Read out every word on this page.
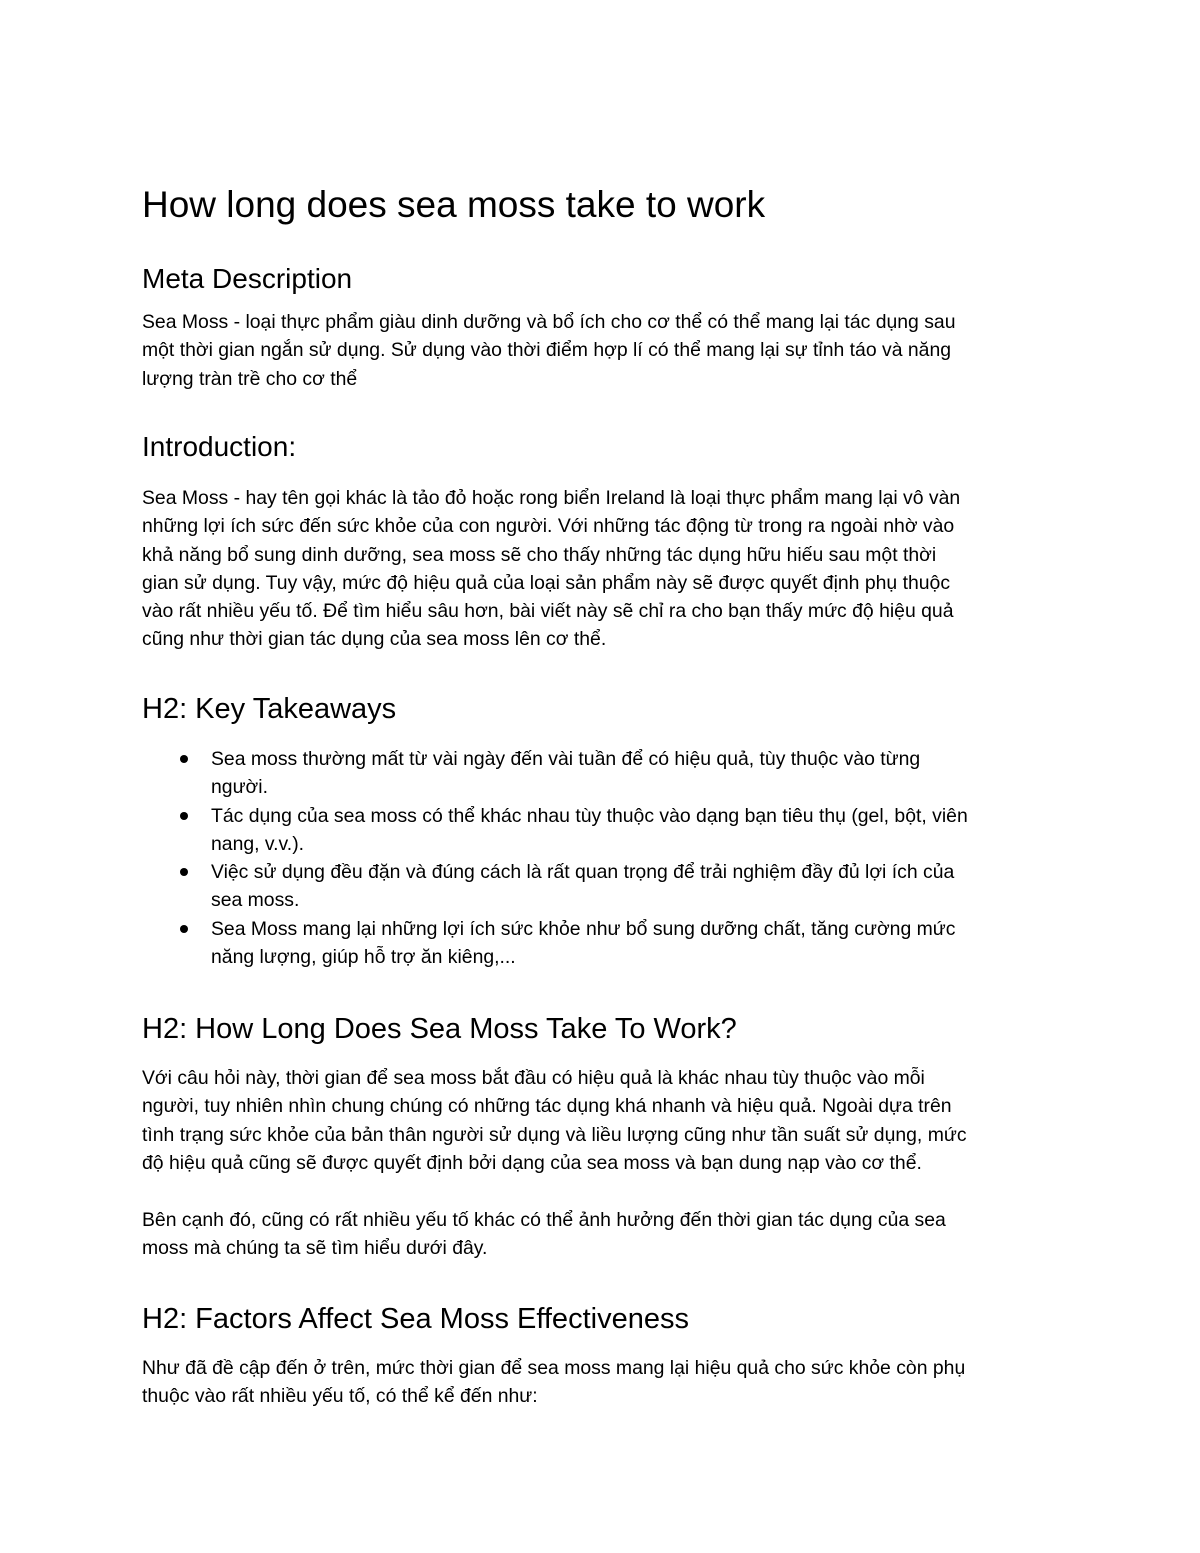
How long does sea moss take to work
Meta Description

Sea Moss - loại thực phẩm giàu dinh dưỡng và bổ ích cho cơ thể có thể mang lại tác dụng sau
một thời gian ngắn sử dụng. Sử dụng vào thời điểm hợp lí có thể mang lại sự tỉnh táo và năng
lượng tràn trề cho cơ thể

Introduction:

Sea Moss - hay tên gọi khác là tảo đỏ hoặc rong biển Ireland là loại thực phẩm mang lại vô vàn
những lợi ích sức đến sức khỏe của con người. Với những tác động từ trong ra ngoài nhờ vào
khả năng bổ sung dinh dưỡng, sea moss sẽ cho thấy những tác dụng hữu hiếu sau một thời
gian sử dụng. Tuy vậy, mức độ hiệu quả của loại sản phẩm này sẽ được quyết định phụ thuộc
vào rất nhiều yếu tố. Để tìm hiểu sâu hơn, bài viết này sẽ chỉ ra cho bạn thấy mức độ hiệu quả
cũng như thời gian tác dụng của sea moss lên cơ thể.

H2: Key Takeaways
Sea moss thường mất từ vài ngày đến vài tuần để có hiệu quả, tùy thuộc vào từng
người.
Tác dụng của sea moss có thể khác nhau tùy thuộc vào dạng bạn tiêu thụ (gel, bột, viên
nang, v.v.).
Việc sử dụng đều đặn và đúng cách là rất quan trọng để trải nghiệm đầy đủ lợi ích của
sea moss.
Sea Moss mang lại những lợi ích sức khỏe như bổ sung dưỡng chất, tăng cường mức
năng lượng, giúp hỗ trợ ăn kiêng,...
H2: How Long Does Sea Moss Take To Work?

Với câu hỏi này, thời gian để sea moss bắt đầu có hiệu quả là khác nhau tùy thuộc vào mỗi
người, tuy nhiên nhìn chung chúng có những tác dụng khá nhanh và hiệu quả. Ngoài dựa trên
tình trạng sức khỏe của bản thân người sử dụng và liều lượng cũng như tần suất sử dụng, mức
độ hiệu quả cũng sẽ được quyết định bởi dạng của sea moss và bạn dung nạp vào cơ thể.

Bên cạnh đó, cũng có rất nhiều yếu tố khác có thể ảnh hưởng đến thời gian tác dụng của sea
moss mà chúng ta sẽ tìm hiểu dưới đây.

H2: Factors Affect Sea Moss Effectiveness

Như đã đề cập đến ở trên, mức thời gian để sea moss mang lại hiệu quả cho sức khỏe còn phụ
thuộc vào rất nhiều yếu tố, có thể kể đến như:
